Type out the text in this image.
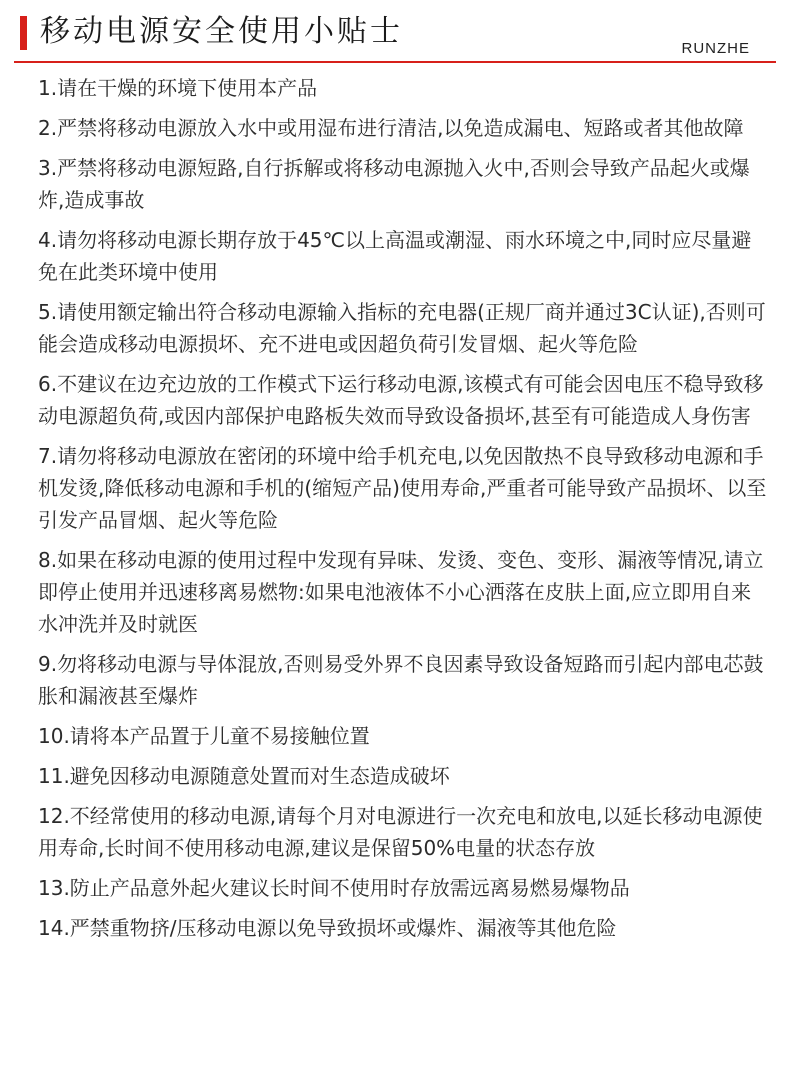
移动电源安全使用小贴士	RUNZHE
1.请在干燥的环境下使用本产品
2.严禁将移动电源放入水中或用湿布进行清洁,以免造成漏电、短路或者其他故障
3.严禁将移动电源短路,自行拆解或将移动电源抛入火中,否则会导致产品起火或爆炸,造成事故
4.请勿将移动电源长期存放于45℃以上高温或潮湿、雨水环境之中,同时应尽量避免在此类环境中使用
5.请使用额定输出符合移动电源输入指标的充电器(正规厂商并通过3C认证),否则可能会造成移动电源损坏、充不进电或因超负荷引发冒烟、起火等危险
6.不建议在边充边放的工作模式下运行移动电源,该模式有可能会因电压不稳导致移动电源超负荷,或因内部保护电路板失效而导致设备损坏,甚至有可能造成人身伤害
7.请勿将移动电源放在密闭的环境中给手机充电,以免因散热不良导致移动电源和手机发烫,降低移动电源和手机的(缩短产品)使用寿命,严重者可能导致产品损坏、以至引发产品冒烟、起火等危险
8.如果在移动电源的使用过程中发现有异味、发烫、变色、变形、漏液等情况,请立即停止使用并迅速移离易燃物:如果电池液体不小心洒落在皮肤上面,应立即用自来水冲洗并及时就医
9.勿将移动电源与导体混放,否则易受外界不良因素导致设备短路而引起内部电芯鼓胀和漏液甚至爆炸
10.请将本产品置于儿童不易接触位置
11.避免因移动电源随意处置而对生态造成破坏
12.不经常使用的移动电源,请每个月对电源进行一次充电和放电,以延长移动电源使用寿命,长时间不使用移动电源,建议是保留50%电量的状态存放
13.防止产品意外起火建议长时间不使用时存放需远离易燃易爆物品
14.严禁重物挤/压移动电源以免导致损坏或爆炸、漏液等其他危险
